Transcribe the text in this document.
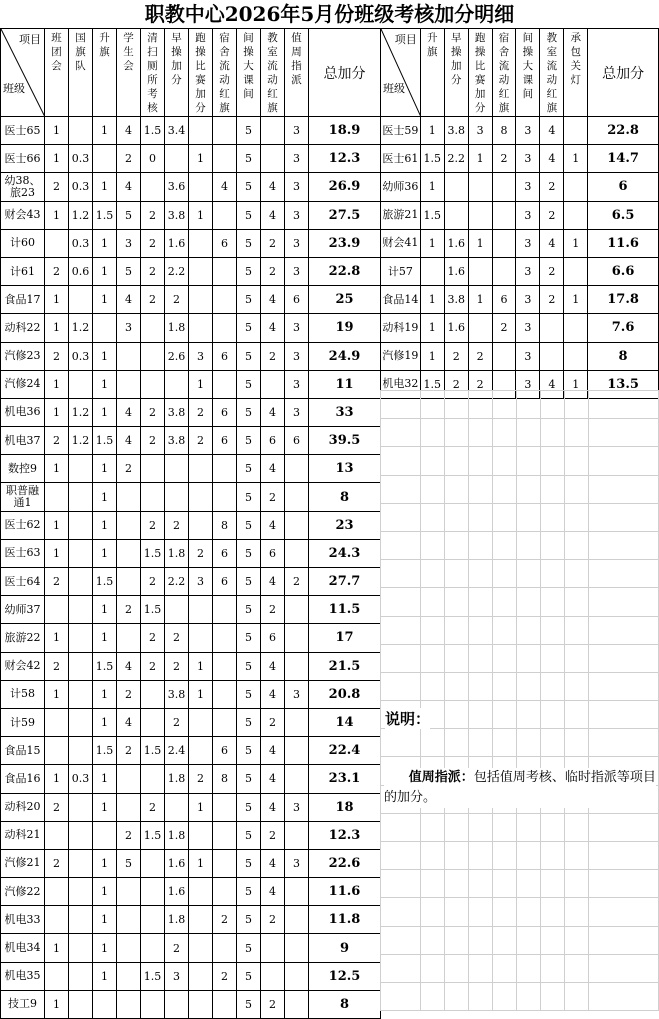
职教中心2026年5月份班级考核加分明细
项目
班级	班团会	国旗队	升旗	学生会	清扫厕所考核	早操加分	跑操比赛加分	宿舍流动红旗	间操大课间	教室流动红旗	值周指派	总加分
医士65	1		1	4	1.5	3.4			5		3	18.9
医士66	1	0.3		2	0		1		5		3	12.3
幼38、旅23	2	0.3	1	4		3.6		4	5	4	3	26.9
财会43	1	1.2	1.5	5	2	3.8	1		5	4	3	27.5
计60		0.3	1	3	2	1.6		6	5	2	3	23.9
计61	2	0.6	1	5	2	2.2			5	2	3	22.8
食品17	1		1	4	2	2			5	4	6	25
动科22	1	1.2		3		1.8			5	4	3	19
汽修23	2	0.3	1			2.6	3	6	5	2	3	24.9
汽修24	1		1				1		5		3	11
机电36	1	1.2	1	4	2	3.8	2	6	5	4	3	33
机电37	2	1.2	1.5	4	2	3.8	2	6	5	6	6	39.5
数控9	1		1	2					5	4		13
职普融通1			1						5	2		8
医士62	1		1		2	2		8	5	4		23
医士63	1		1		1.5	1.8	2	6	5	6		24.3
医士64	2		1.5		2	2.2	3	6	5	4	2	27.7
幼师37			1	2	1.5				5	2		11.5
旅游22	1		1		2	2			5	6		17
财会42	2		1.5	4	2	2	1		5	4		21.5
计58	1		1	2		3.8	1		5	4	3	20.8
计59			1	4		2			5	2		14
食品15			1.5	2	1.5	2.4		6	5	4		22.4
食品16	1	0.3	1			1.8	2	8	5	4		23.1
动科20	2		1		2		1		5	4	3	18
动科21				2	1.5	1.8			5	2		12.3
汽修21	2		1	5		1.6	1		5	4	3	22.6
汽修22			1			1.6			5	4		11.6
机电33			1			1.8		2	5	2		11.8
机电34	1		1			2			5			9
机电35			1		1.5	3		2	5			12.5
技工9	1								5	2		8
项目
班级	升旗	早操加分	跑操比赛加分	宿舍流动红旗	间操大课间	教室流动红旗	承包关灯	总加分
医士59	1	3.8	3	8	3	4		22.8
医士61	1.5	2.2	1	2	3	4	1	14.7
幼师36	1				3	2		6
旅游21	1.5				3	2		6.5
财会41	1	1.6	1		3	4	1	11.6
计57		1.6			3	2		6.6
食品14	1	3.8	1	6	3	2	1	17.8
动科19	1	1.6		2	3			7.6
汽修19	1	2	2		3			8
机电32	1.5	2	2		3	4	1	13.5

说明：
值周指派：包括值周考核、临时指派等项目的加分。
